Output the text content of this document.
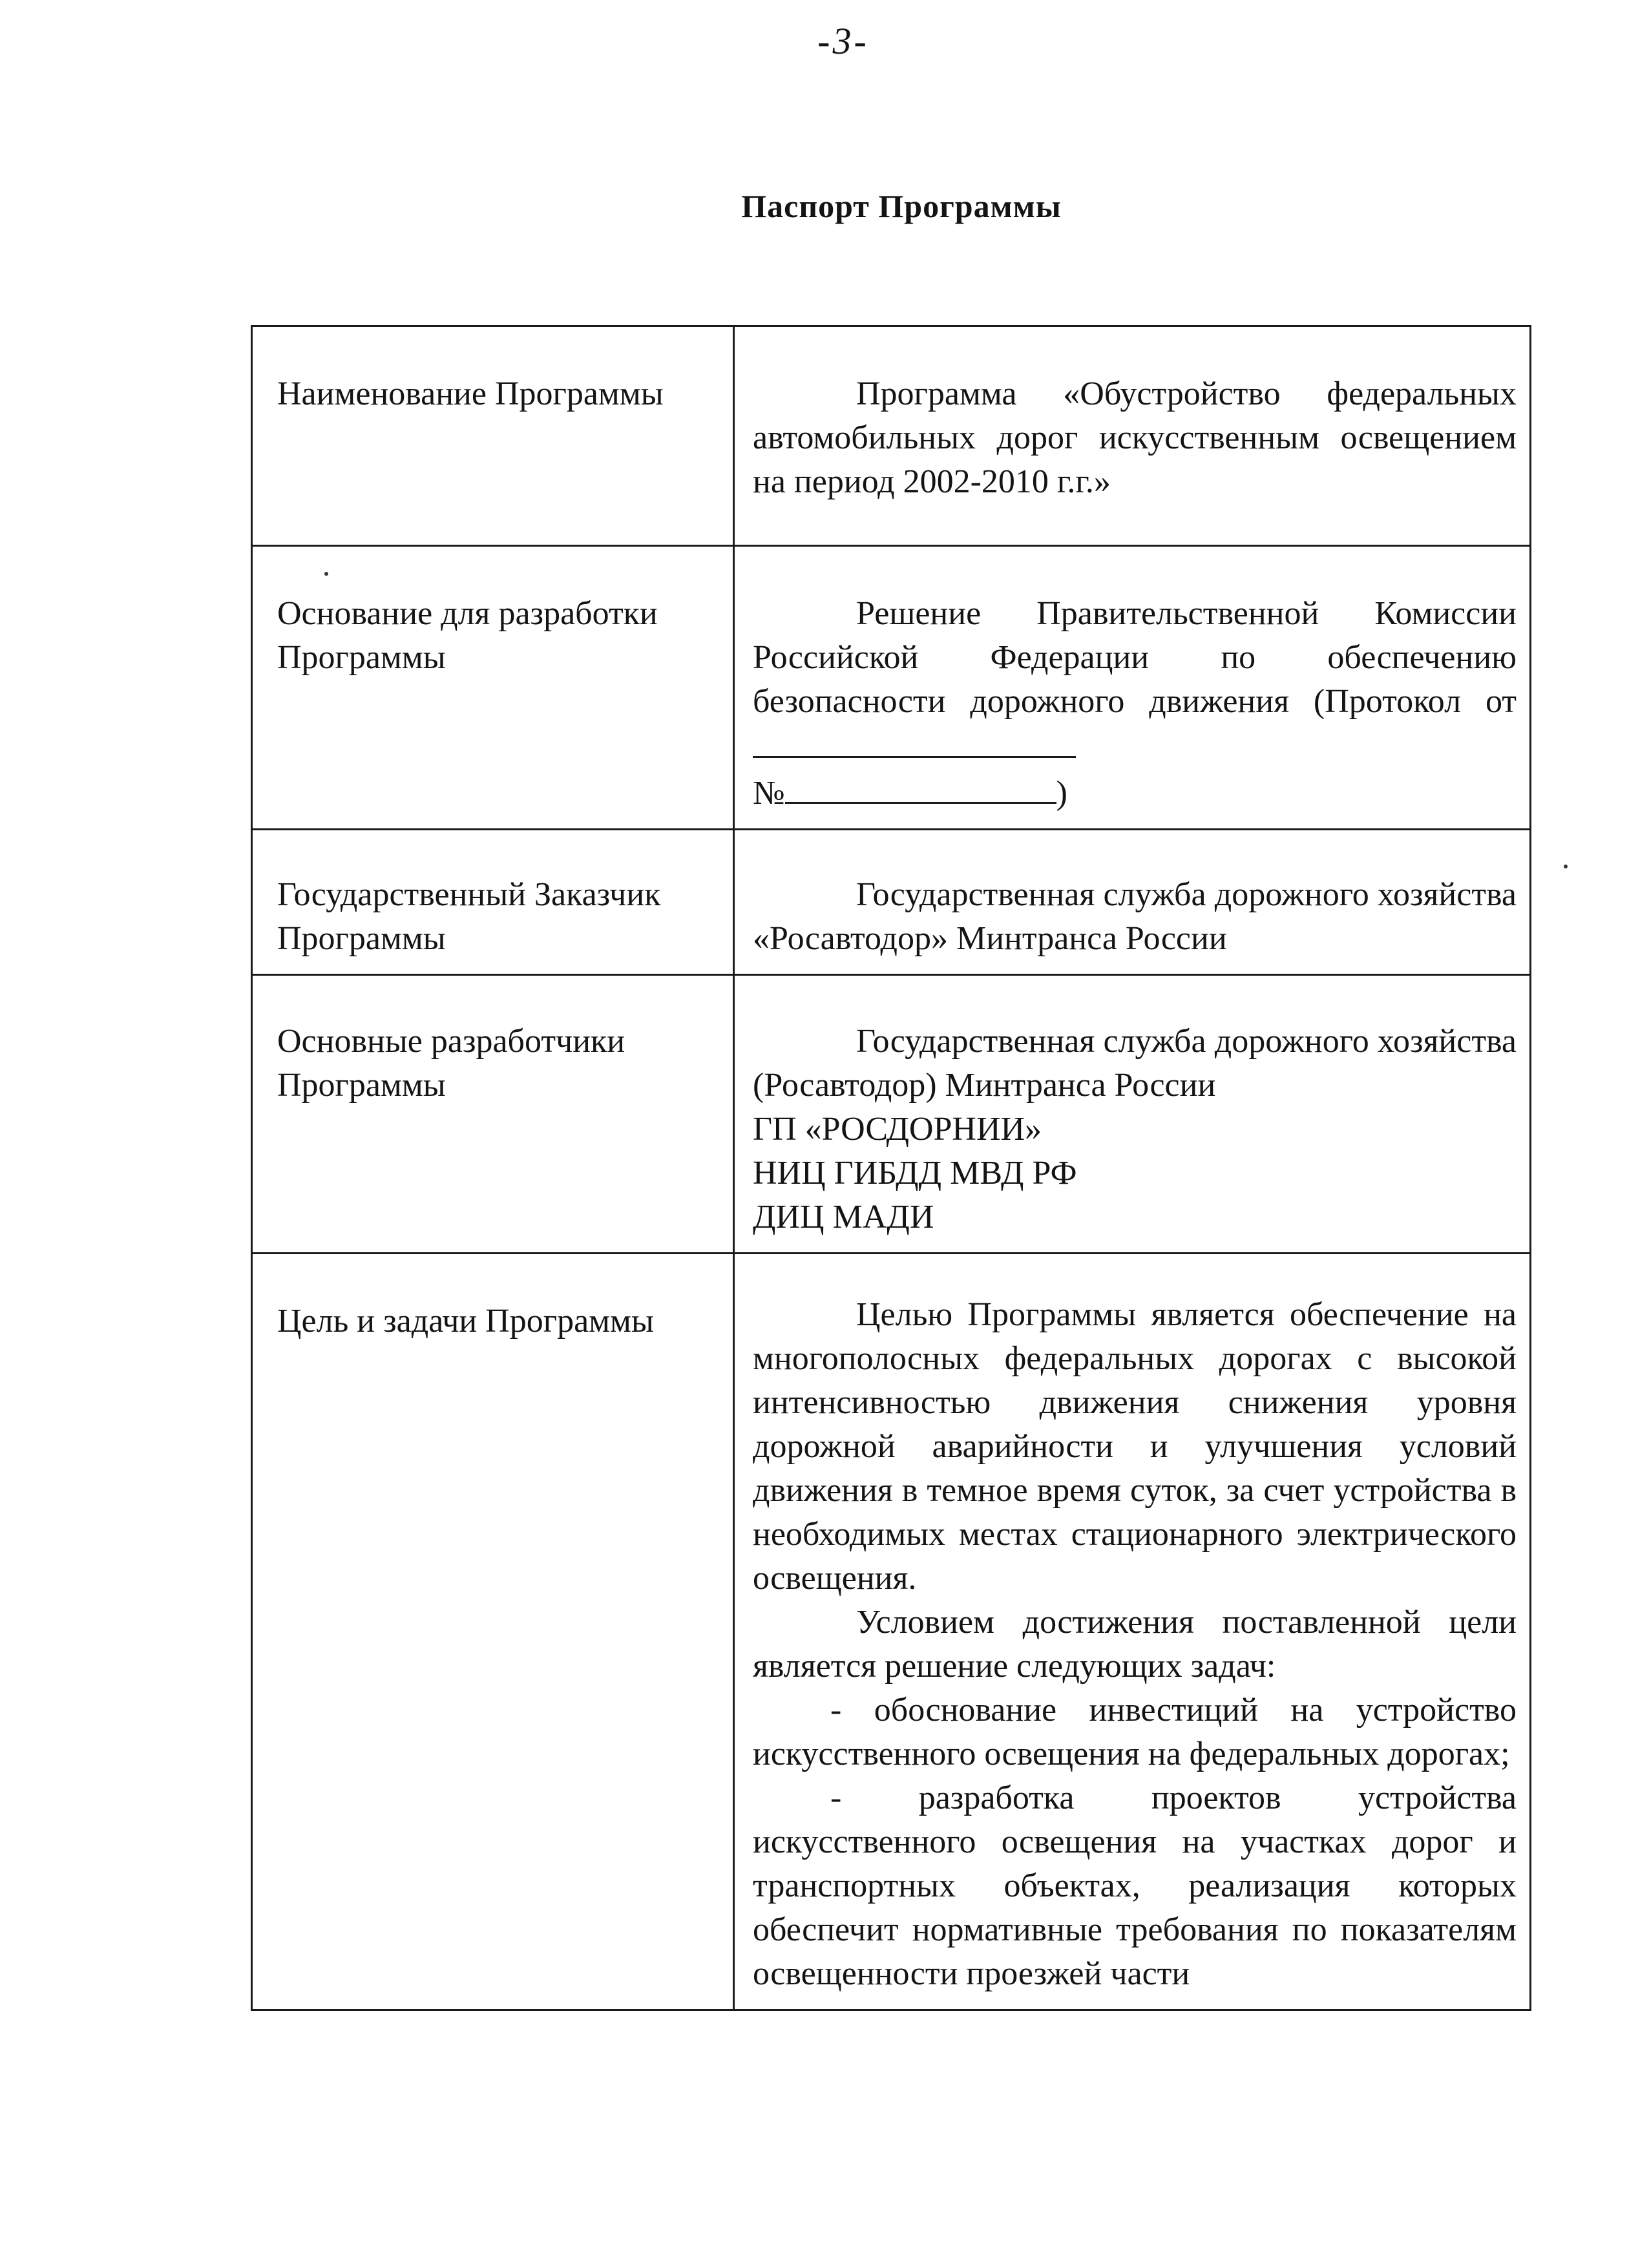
-3-
Паспорт Программы
Наименование Программы	Программа «Обустройство федеральных автомобильных дорог искусственным освещением на период 2002-2010 г.г.»
Основание для разработки Программы	Решение Правительственной Комиссии Российской Федерации по обеспечению безопасности дорожного движения (Протокол от
№ )

Государственный Заказчик Программы	Государственная служба дорожного хозяйства «Росавтодор» Минтранса России
Основные разработчики Программы	Государственная служба дорожного хозяйства (Росавтодор) Минтранса России
ГП «РОСДОРНИИ»
НИЦ ГИБДД МВД РФ
ДИЦ МАДИ

Цель и задачи Программы	Целью Программы является обеспечение на многополосных федеральных дорогах с высокой интенсивностью движения снижения уровня дорожной аварийности и улучшения условий движения в темное время суток, за счет устройства в необходимых местах стационарного электрического освещения.
Условием достижения поставленной цели является решение следующих задач:
- обоснование инвестиций на устройство искусственного освещения на федеральных дорогах;
- разработка проектов устройства искусственного освещения на участках дорог и транспортных объектах, реализация которых обеспечит нормативные требования по показателям освещенности проезжей части
